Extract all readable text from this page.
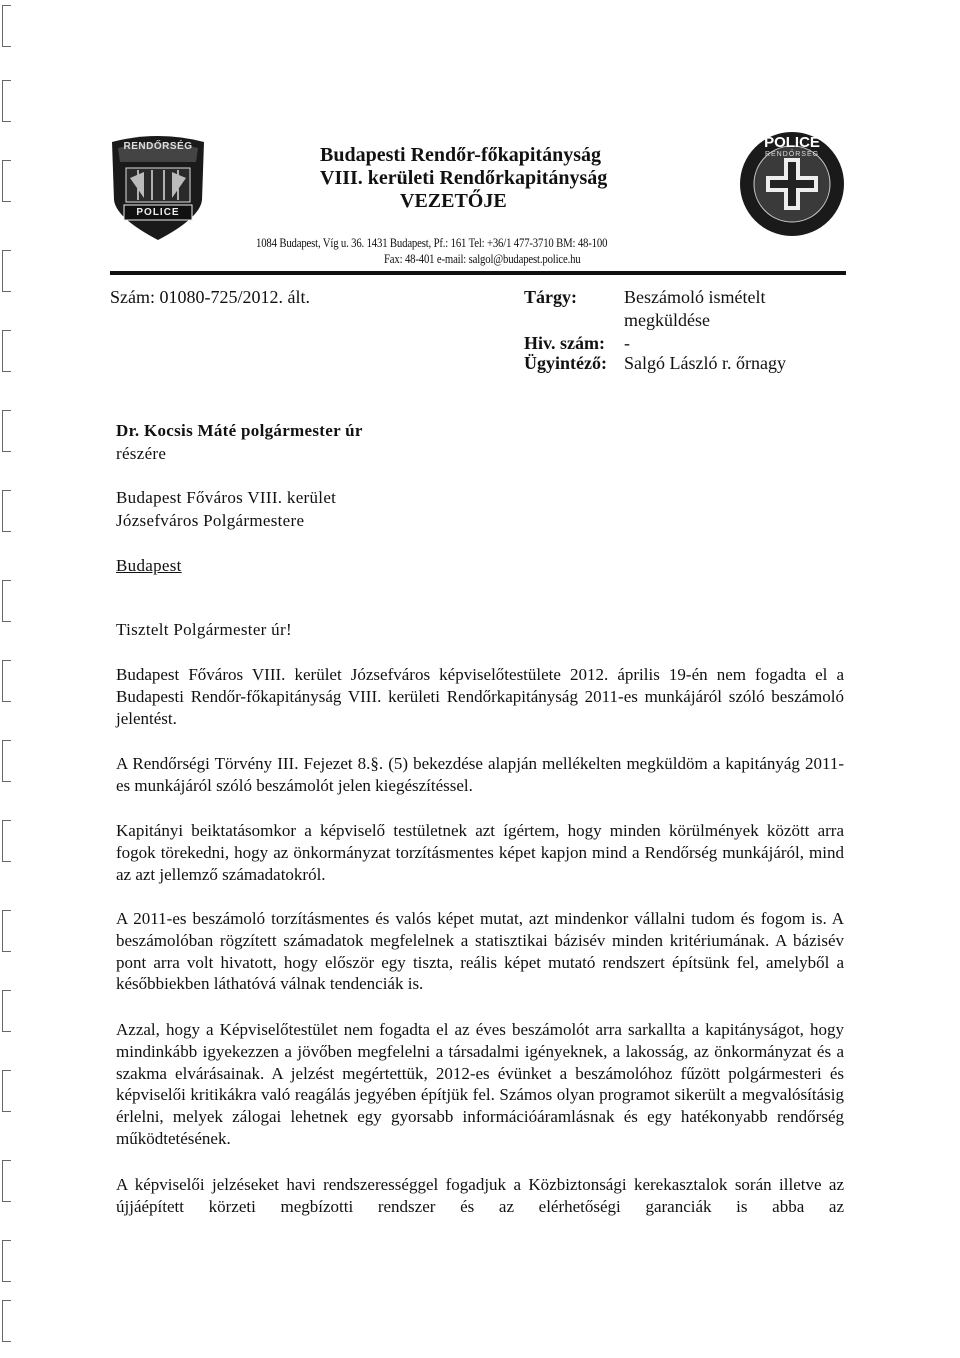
RENDŐRSÉG
POLICE
Budapesti Rendőr-főkapitányság
VIII. kerületi Rendőrkapitányság
VEZETŐJE
1084 Budapest, Víg u. 36. 1431 Budapest, Pf.: 161 Tel: +36/1 477-3710 BM: 48-100
Fax: 48-401 e-mail: salgol@budapest.police.hu
POLICE
RENDŐRSÉG
Szám: 01080-725/2012. ált.	Tárgy:	Beszámoló ismételt
megküldése
Hiv. szám: -
Ügyintéző: Salgó László r. őrnagy
Dr. Kocsis Máté polgármester úr
részére
Budapest Főváros VIII. kerület
Józsefváros Polgármestere
Budapest
Tisztelt Polgármester úr!
Budapest Főváros VIII. kerület Józsefváros képviselőtestülete 2012. április 19-én nem fogadta el a Budapesti Rendőr-főkapitányság VIII. kerületi Rendőrkapitányság 2011-es munkájáról szóló beszámoló jelentést.
A Rendőrségi Törvény III. Fejezet 8.§. (5) bekezdése alapján mellékelten megküldöm a kapitányág 2011-es munkájáról szóló beszámolót jelen kiegészítéssel.
Kapitányi beiktatásomkor a képviselő testületnek azt ígértem, hogy minden körülmények között arra fogok törekedni, hogy az önkormányzat torzításmentes képet kapjon mind a Rendőrség munkájáról, mind az azt jellemző számadatokról.
A 2011-es beszámoló torzításmentes és valós képet mutat, azt mindenkor vállalni tudom és fogom is. A beszámolóban rögzített számadatok megfelelnek a statisztikai bázisév minden kritériumának. A bázisév pont arra volt hivatott, hogy először egy tiszta, reális képet mutató rendszert építsünk fel, amelyből a későbbiekben láthatóvá válnak tendenciák is.
Azzal, hogy a Képviselőtestület nem fogadta el az éves beszámolót arra sarkallta a kapitányságot, hogy mindinkább igyekezzen a jövőben megfelelni a társadalmi igényeknek, a lakosság, az önkormányzat és a szakma elvárásainak. A jelzést megértettük, 2012-es évünket a beszámolóhoz fűzött polgármesteri és képviselői kritikákra való reagálás jegyében építjük fel. Számos olyan programot sikerült a megvalósításig érlelni, melyek zálogai lehetnek egy gyorsabb információáramlásnak és egy hatékonyabb rendőrség működtetésének.
A képviselői jelzéseket havi rendszerességgel fogadjuk a Közbiztonsági kerekasztalok során illetve az újjáépített körzeti megbízotti rendszer és az elérhetőségi garanciák is abba az
